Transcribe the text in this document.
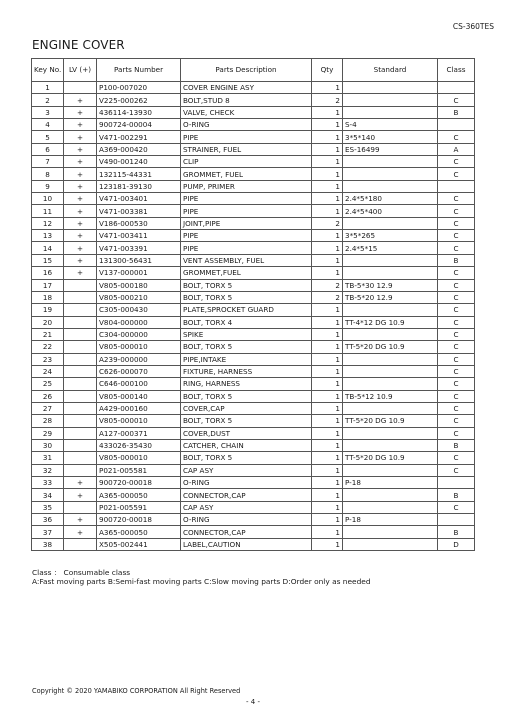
CS-360TES
ENGINE COVER
Key No.	LV (+)	Parts Number	Parts Description	Qty	Standard	Class
1		P100-007020	COVER ENGINE ASY	1		
2	+	V225-000262	BOLT,STUD 8	2		C
3	+	436114-13930	VALVE, CHECK	1		B
4	+	900724-00004	O-RING	1	S-4	
5	+	V471-002291	PIPE	1	3*5*140	C
6	+	A369-000420	STRAINER, FUEL	1	ES-16499	A
7	+	V490-001240	CLIP	1		C
8	+	132115-44331	GROMMET, FUEL	1		C
9	+	123181-39130	PUMP, PRIMER	1		
10	+	V471-003401	PIPE	1	2.4*5*180	C
11	+	V471-003381	PIPE	1	2.4*5*400	C
12	+	V186-000530	JOINT,PIPE	2		C
13	+	V471-003411	PIPE	1	3*5*265	C
14	+	V471-003391	PIPE	1	2.4*5*15	C
15	+	131300-56431	VENT ASSEMBLY, FUEL	1		B
16	+	V137-000001	GROMMET,FUEL	1		C
17		V805-000180	BOLT, TORX 5	2	TB-5*30 12.9	C
18		V805-000210	BOLT, TORX 5	2	TB-5*20 12.9	C
19		C305-000430	PLATE,SPROCKET GUARD	1		C
20		V804-000000	BOLT, TORX 4	1	TT-4*12 DG 10.9	C
21		C304-000000	SPIKE	1		C
22		V805-000010	BOLT, TORX 5	1	TT-5*20 DG 10.9	C
23		A239-000000	PIPE,INTAKE	1		C
24		C626-000070	FIXTURE, HARNESS	1		C
25		C646-000100	RING, HARNESS	1		C
26		V805-000140	BOLT, TORX 5	1	TB-5*12 10.9	C
27		A429-000160	COVER,CAP	1		C
28		V805-000010	BOLT, TORX 5	1	TT-5*20 DG 10.9	C
29		A127-000371	COVER,DUST	1		C
30		433026-35430	CATCHER, CHAIN	1		B
31		V805-000010	BOLT, TORX 5	1	TT-5*20 DG 10.9	C
32		P021-005581	CAP ASY	1		C
33	+	900720-00018	O-RING	1	P-18	
34	+	A365-000050	CONNECTOR,CAP	1		B
35		P021-005591	CAP ASY	1		C
36	+	900720-00018	O-RING	1	P-18	
37	+	A365-000050	CONNECTOR,CAP	1		B
38		X505-002441	LABEL,CAUTION	1		D
Class ： Consumable class
A:Fast moving parts B:Semi-fast moving parts C:Slow moving parts D:Order only as needed
Copyright © 2020 YAMABIKO CORPORATION All Right Reserved
- 4 -
